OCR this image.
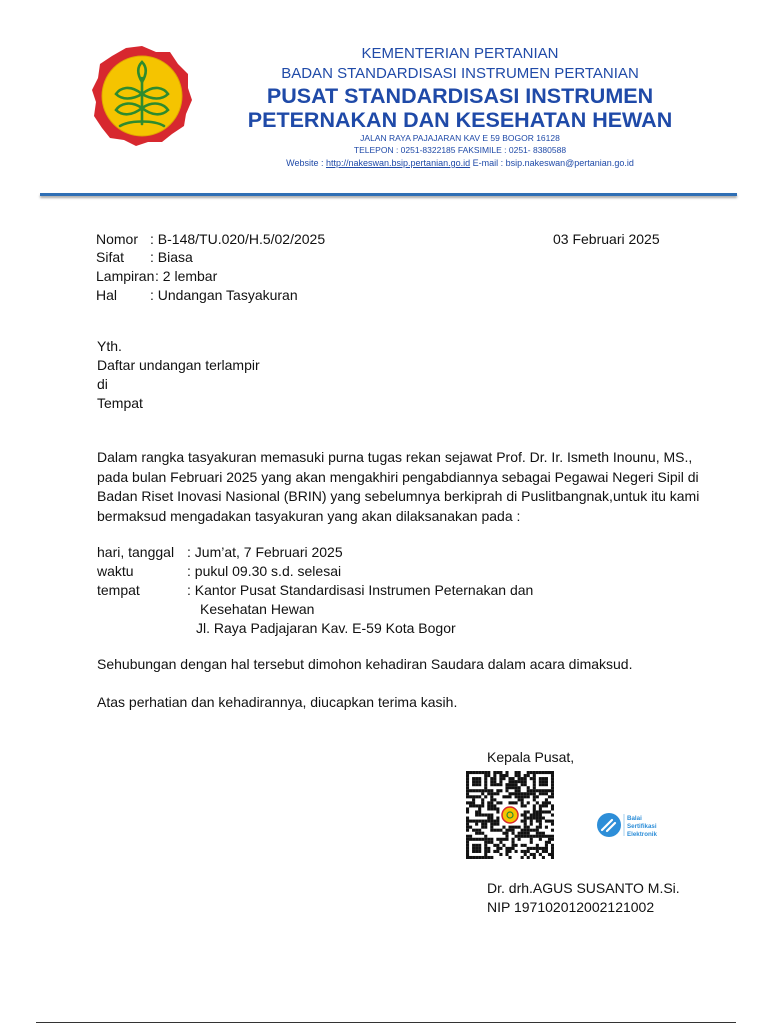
KEMENTERIAN PERTANIAN
BADAN STANDARDISASI INSTRUMEN PERTANIAN
PUSAT STANDARDISASI INSTRUMEN
PETERNAKAN DAN KESEHATAN HEWAN
JALAN RAYA PAJAJARAN KAV E 59 BOGOR 16128
TELEPON : 0251-8322185 FAKSIMILE : 0251- 8380588
Website : http://nakeswan.bsip.pertanian.go.id E-mail : bsip.nakeswan@pertanian.go.id
Nomor : B-148/TU.020/H.5/02/2025	03 Februari 2025
Sifat : Biasa
Lampiran : 2 lembar
Hal : Undangan Tasyakuran
Yth.
Daftar undangan terlampir
di
Tempat
Dalam rangka tasyakuran memasuki purna tugas rekan sejawat Prof. Dr. Ir. Ismeth Inounu, MS.,
pada bulan Februari 2025 yang akan mengakhiri pengabdiannya sebagai Pegawai Negeri Sipil di
Badan Riset Inovasi Nasional (BRIN) yang sebelumnya berkiprah di Puslitbangnak,untuk itu kami
bermaksud mengadakan tasyakuran yang akan dilaksanakan pada :
hari, tanggal : Jum’at, 7 Februari 2025
waktu	: pukul 09.30 s.d. selesai
tempat	: Kantor Pusat Standardisasi Instrumen Peternakan dan
Kesehatan Hewan
Jl. Raya Padjajaran Kav. E-59 Kota Bogor
Sehubungan dengan hal tersebut dimohon kehadiran Saudara dalam acara dimaksud.
Atas perhatian dan kehadirannya, diucapkan terima kasih.
Kepala Pusat,
Balai
Sertifikasi
Elektronik
Dr. drh.AGUS SUSANTO M.Si.
NIP 197102012002121002
